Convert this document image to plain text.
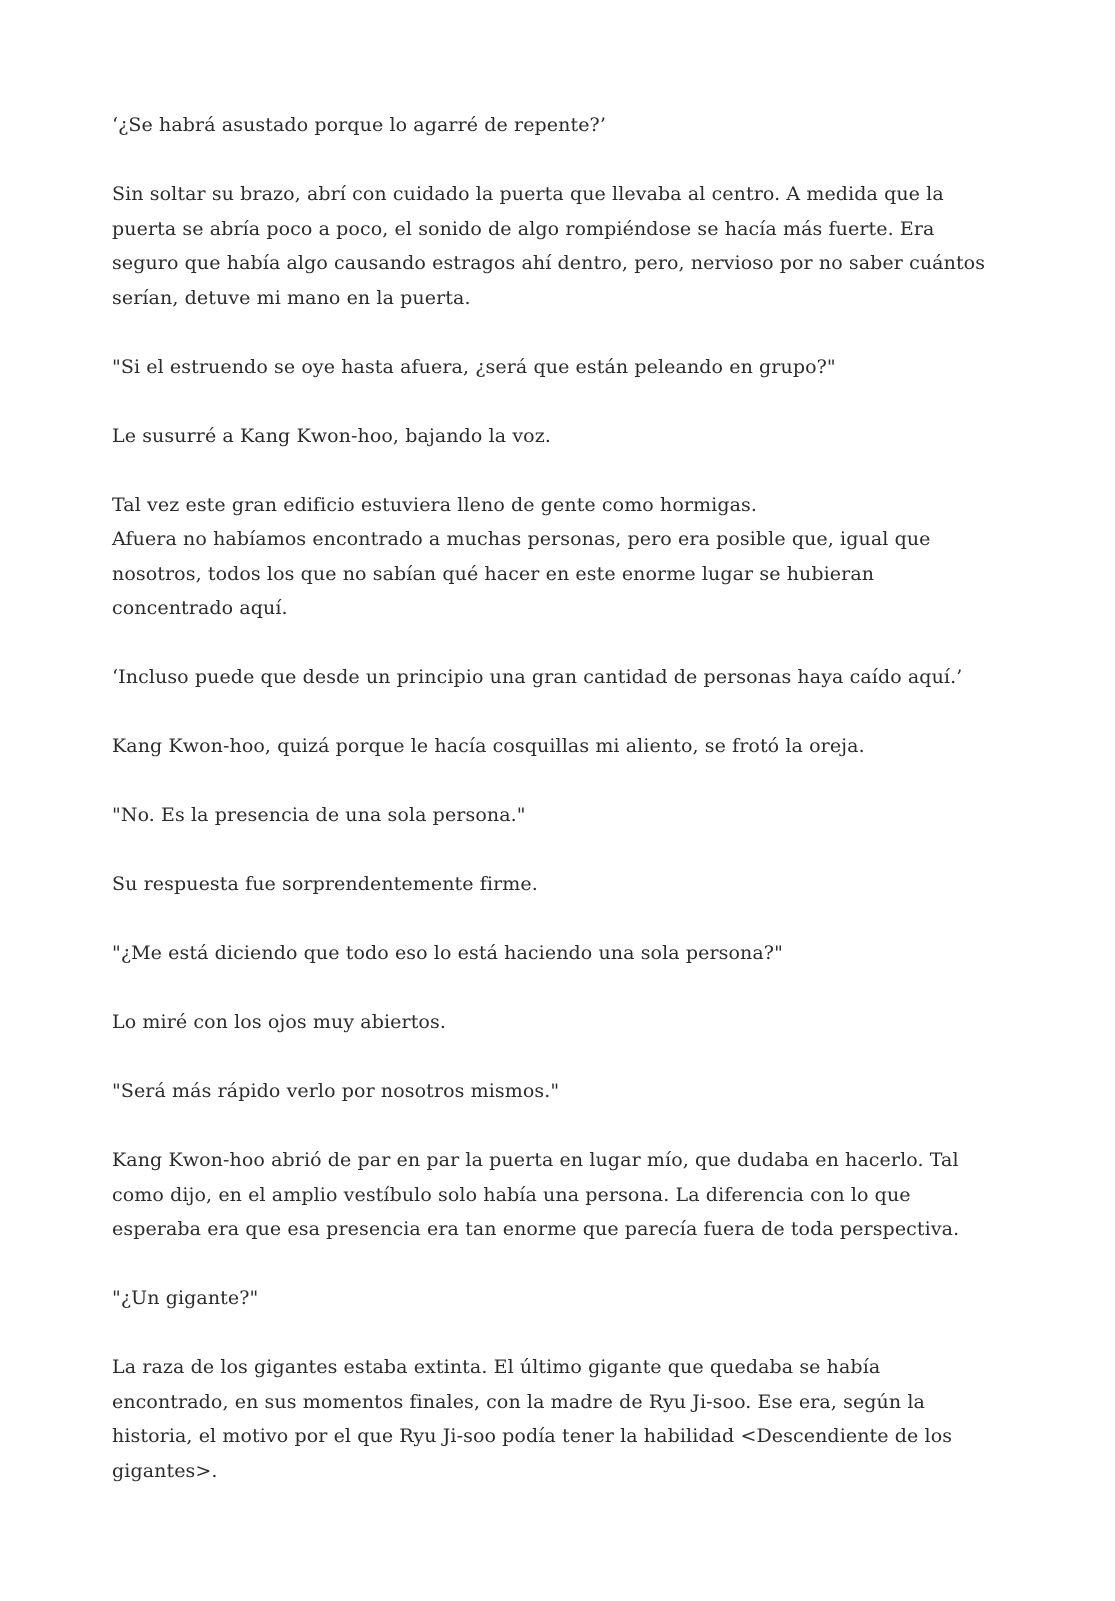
‘¿Se habrá asustado porque lo agarré de repente?’

Sin soltar su brazo, abrí con cuidado la puerta que llevaba al centro. A medida que la
puerta se abría poco a poco, el sonido de algo rompiéndose se hacía más fuerte. Era
seguro que había algo causando estragos ahí dentro, pero, nervioso por no saber cuántos
serían, detuve mi mano en la puerta.

"Si el estruendo se oye hasta afuera, ¿será que están peleando en grupo?"

Le susurré a Kang Kwon-hoo, bajando la voz.

Tal vez este gran edificio estuviera lleno de gente como hormigas.
Afuera no habíamos encontrado a muchas personas, pero era posible que, igual que
nosotros, todos los que no sabían qué hacer en este enorme lugar se hubieran
concentrado aquí.

‘Incluso puede que desde un principio una gran cantidad de personas haya caído aquí.’

Kang Kwon-hoo, quizá porque le hacía cosquillas mi aliento, se frotó la oreja.

"No. Es la presencia de una sola persona."

Su respuesta fue sorprendentemente firme.

"¿Me está diciendo que todo eso lo está haciendo una sola persona?"

Lo miré con los ojos muy abiertos.

"Será más rápido verlo por nosotros mismos."

Kang Kwon-hoo abrió de par en par la puerta en lugar mío, que dudaba en hacerlo. Tal
como dijo, en el amplio vestíbulo solo había una persona. La diferencia con lo que
esperaba era que esa presencia era tan enorme que parecía fuera de toda perspectiva.

"¿Un gigante?"

La raza de los gigantes estaba extinta. El último gigante que quedaba se había
encontrado, en sus momentos finales, con la madre de Ryu Ji-soo. Ese era, según la
historia, el motivo por el que Ryu Ji-soo podía tener la habilidad <Descendiente de los
gigantes>.
